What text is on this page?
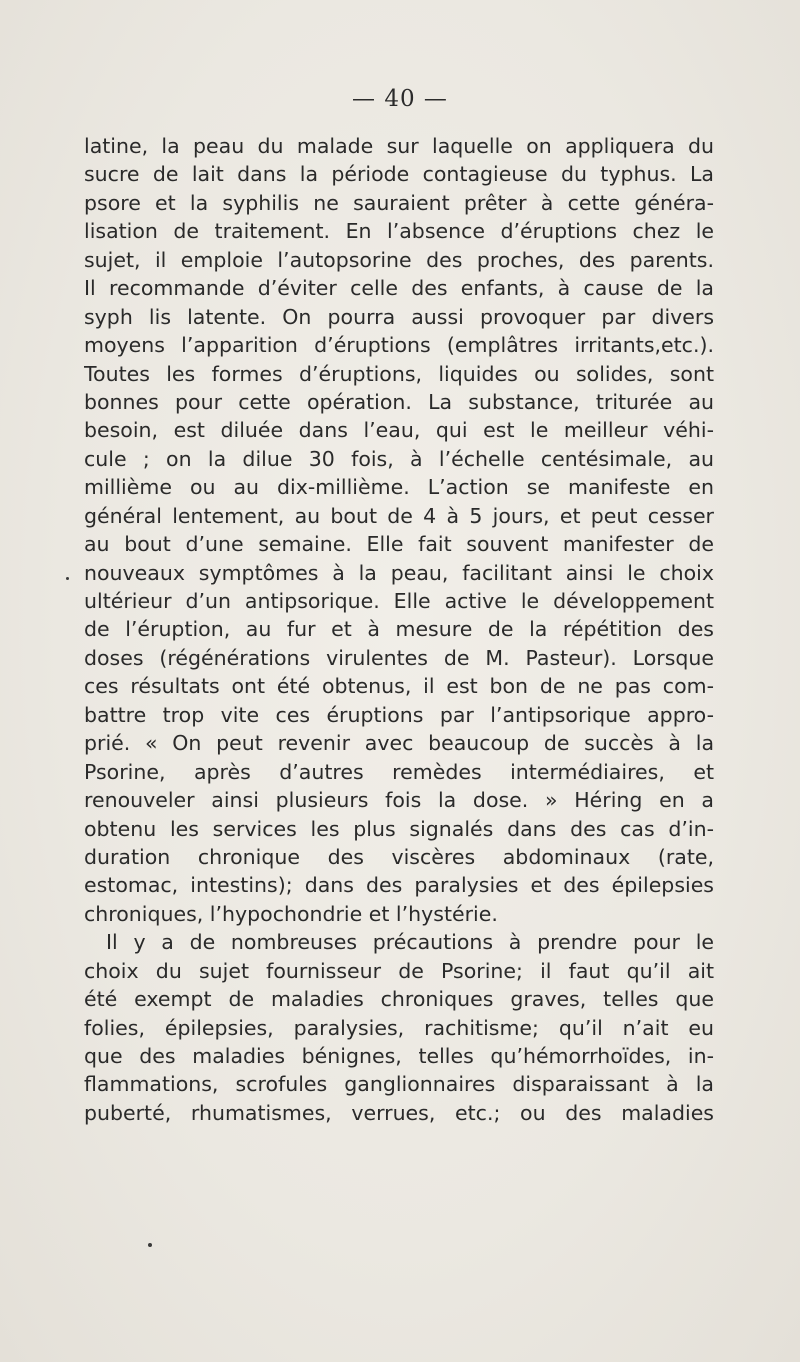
— 40 —
latine, la peau du malade sur laquelle on appliquera du
sucre de lait dans la période contagieuse du typhus. La
psore et la syphilis ne sauraient prêter à cette généra-
lisation de traitement. En l’absence d’éruptions chez le
sujet, il emploie l’autopsorine des proches, des parents.
Il recommande d’éviter celle des enfants, à cause de la
syph lis latente. On pourra aussi provoquer par divers
moyens l’apparition d’éruptions (emplâtres irritants,etc.).
Toutes les formes d’éruptions, liquides ou solides, sont
bonnes pour cette opération. La substance, triturée au
besoin, est diluée dans l’eau, qui est le meilleur véhi-
cule ; on la dilue 30 fois, à l’échelle centésimale, au
millième ou au dix-millième. L’action se manifeste en
général lentement, au bout de 4 à 5 jours, et peut cesser
au bout d’une semaine. Elle fait souvent manifester de
nouveaux symptômes à la peau, facilitant ainsi le choix
ultérieur d’un antipsorique. Elle active le développement
de l’éruption, au fur et à mesure de la répétition des
doses (régénérations virulentes de M. Pasteur). Lorsque
ces résultats ont été obtenus, il est bon de ne pas com-
battre trop vite ces éruptions par l’antipsorique appro-
prié. « On peut revenir avec beaucoup de succès à la
Psorine, après d’autres remèdes intermédiaires, et
renouveler ainsi plusieurs fois la dose. » Héring en a
obtenu les services les plus signalés dans des cas d’in-
duration chronique des viscères abdominaux (rate,
estomac, intestins); dans des paralysies et des épilepsies
chroniques, l’hypochondrie et l’hystérie.
Il y a de nombreuses précautions à prendre pour le
choix du sujet fournisseur de Psorine; il faut qu’il ait
été exempt de maladies chroniques graves, telles que
folies, épilepsies, paralysies, rachitisme; qu’il n’ait eu
que des maladies bénignes, telles qu’hémorrhoïdes, in-
flammations, scrofules ganglionnaires disparaissant à la
puberté, rhumatismes, verrues, etc.; ou des maladies
